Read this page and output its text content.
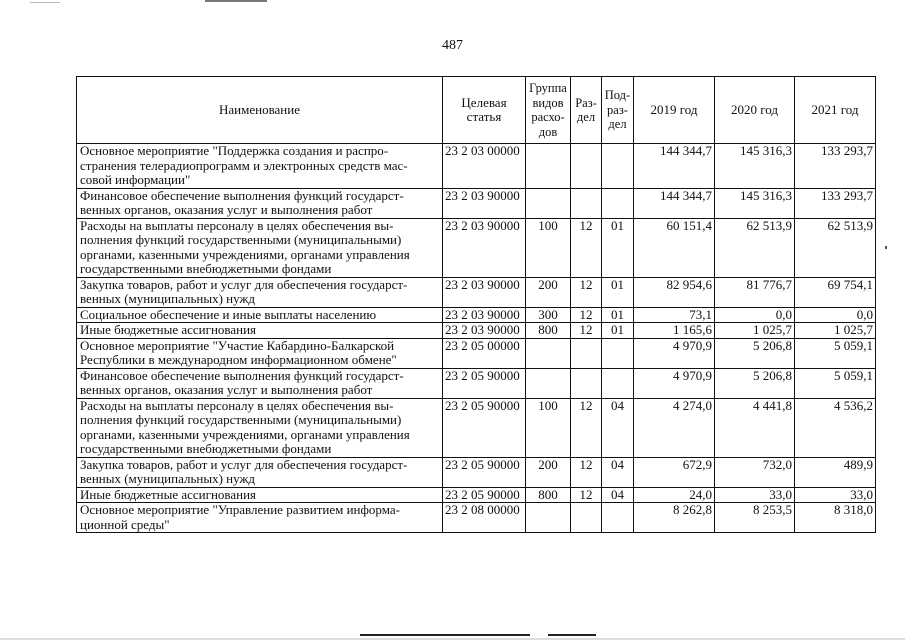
487
Наименование	Целевая статья	Группа видов расхо-дов	Раз-дел	Под-раз-дел	2019 год	2020 год	2021 год
Основное мероприятие "Поддержка создания и распро-странения телерадиопрограмм и электронных средств мас-совой информации"	23 2 03 00000				144 344,7	145 316,3	133 293,7
Финансовое обеспечение выполнения функций государст-венных органов, оказания услуг и выполнения работ	23 2 03 90000				144 344,7	145 316,3	133 293,7
Расходы на выплаты персоналу в целях обеспечения вы-полнения функций государственными (муниципальными) органами, казенными учреждениями, органами управления государственными внебюджетными фондами	23 2 03 90000	100	12	01	60 151,4	62 513,9	62 513,9
Закупка товаров, работ и услуг для обеспечения государст-венных (муниципальных) нужд	23 2 03 90000	200	12	01	82 954,6	81 776,7	69 754,1
Социальное обеспечение и иные выплаты населению	23 2 03 90000	300	12	01	73,1	0,0	0,0
Иные бюджетные ассигнования	23 2 03 90000	800	12	01	1 165,6	1 025,7	1 025,7
Основное мероприятие "Участие Кабардино-Балкарской Республики в международном информационном обмене"	23 2 05 00000				4 970,9	5 206,8	5 059,1
Финансовое обеспечение выполнения функций государст-венных органов, оказания услуг и выполнения работ	23 2 05 90000				4 970,9	5 206,8	5 059,1
Расходы на выплаты персоналу в целях обеспечения вы-полнения функций государственными (муниципальными) органами, казенными учреждениями, органами управления государственными внебюджетными фондами	23 2 05 90000	100	12	04	4 274,0	4 441,8	4 536,2
Закупка товаров, работ и услуг для обеспечения государст-венных (муниципальных) нужд	23 2 05 90000	200	12	04	672,9	732,0	489,9
Иные бюджетные ассигнования	23 2 05 90000	800	12	04	24,0	33,0	33,0
Основное мероприятие "Управление развитием информа-ционной среды"	23 2 08 00000				8 262,8	8 253,5	8 318,0
